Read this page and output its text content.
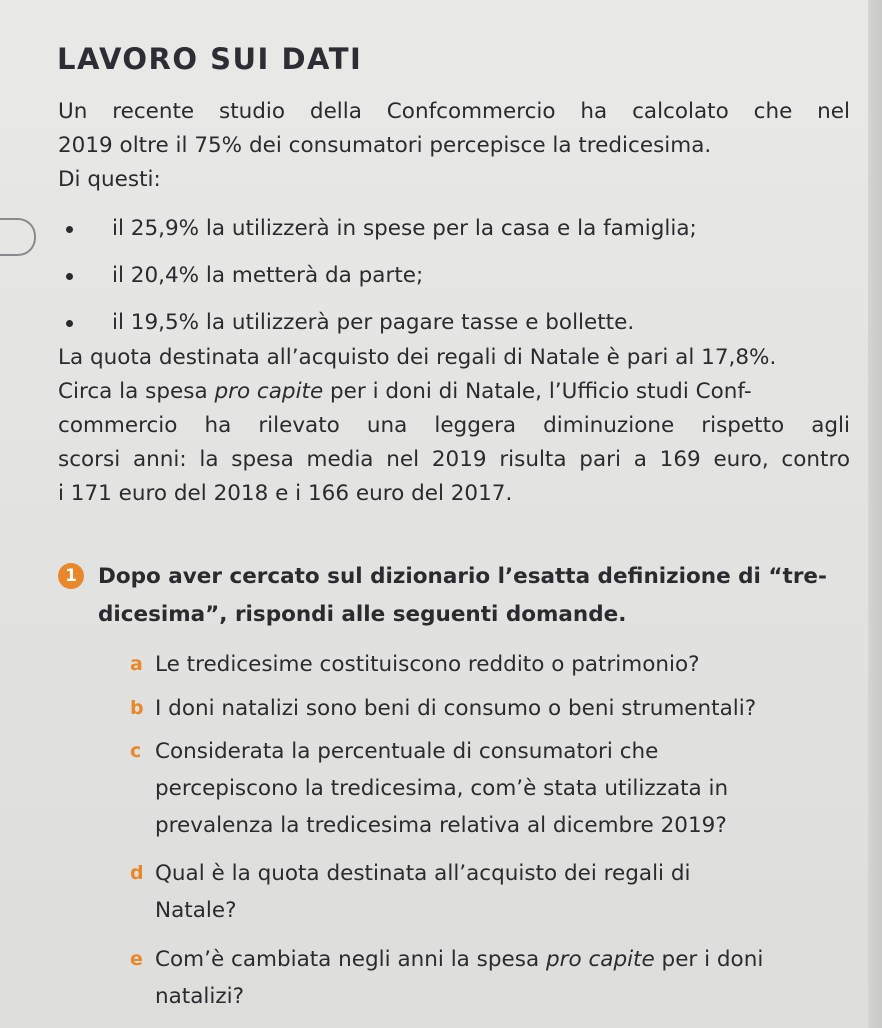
LAVORO SUI DATI
Un recente studio della Confcommercio ha calcolato che nel
2019 oltre il 75% dei consumatori percepisce la tredicesima.
Di questi:
il 25,9% la utilizzerà in spese per la casa e la famiglia;
il 20,4% la metterà da parte;
il 19,5% la utilizzerà per pagare tasse e bollette.
La quota destinata all’acquisto dei regali di Natale è pari al 17,8%.
Circa la spesa pro capite per i doni di Natale, l’Ufficio studi Conf-
commercio ha rilevato una leggera diminuzione rispetto agli
scorsi anni: la spesa media nel 2019 risulta pari a 169 euro, contro
i 171 euro del 2018 e i 166 euro del 2017.
1 Dopo aver cercato sul dizionario l’esatta definizione di “tre-
dicesima”, rispondi alle seguenti domande.
a Le tredicesime costituiscono reddito o patrimonio?
b I doni natalizi sono beni di consumo o beni strumentali?
c Considerata la percentuale di consumatori che
percepiscono la tredicesima, com’è stata utilizzata in
prevalenza la tredicesima relativa al dicembre 2019?
d Qual è la quota destinata all’acquisto dei regali di
Natale?
e Com’è cambiata negli anni la spesa pro capite per i doni
natalizi?
